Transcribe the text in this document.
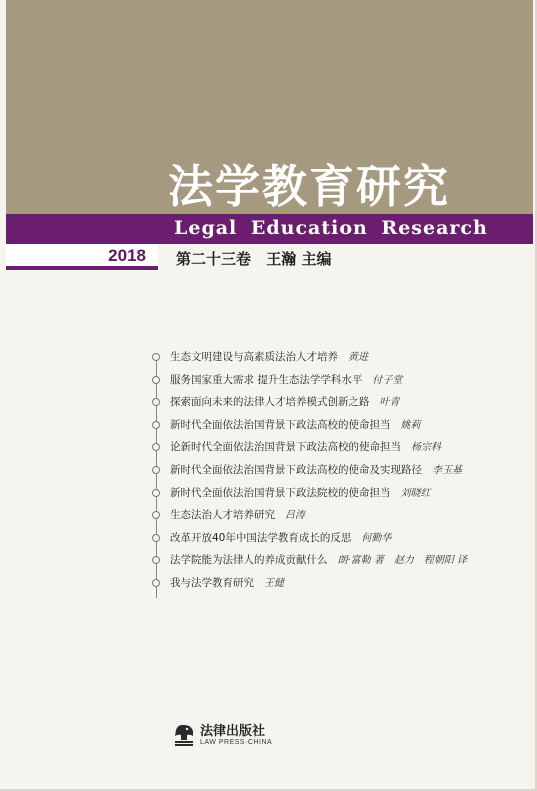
法学教育研究
Legal Education Research
2018 第二十三卷 王瀚 主编
生态文明建设与高素质法治人才培养 黄进
服务国家重大需求 提升生态法学学科水平 付子堂
探索面向未来的法律人才培养模式创新之路 叶青
新时代全面依法治国背景下政法高校的使命担当 姚莉
论新时代全面依法治国背景下政法高校的使命担当 杨宗科
新时代全面依法治国背景下政法高校的使命及实现路径 李玉基
新时代全面依法治国背景下政法院校的使命担当 刘晓红
生态法治人才培养研究 吕涛
改革开放40年中国法学教育成长的反思 何勤华
法学院能为法律人的养成贡献什么 朗·富勒 著　赵力　程朝阳 译
我与法学教育研究 王健
法律出版社
LAW PRESS·CHINA
